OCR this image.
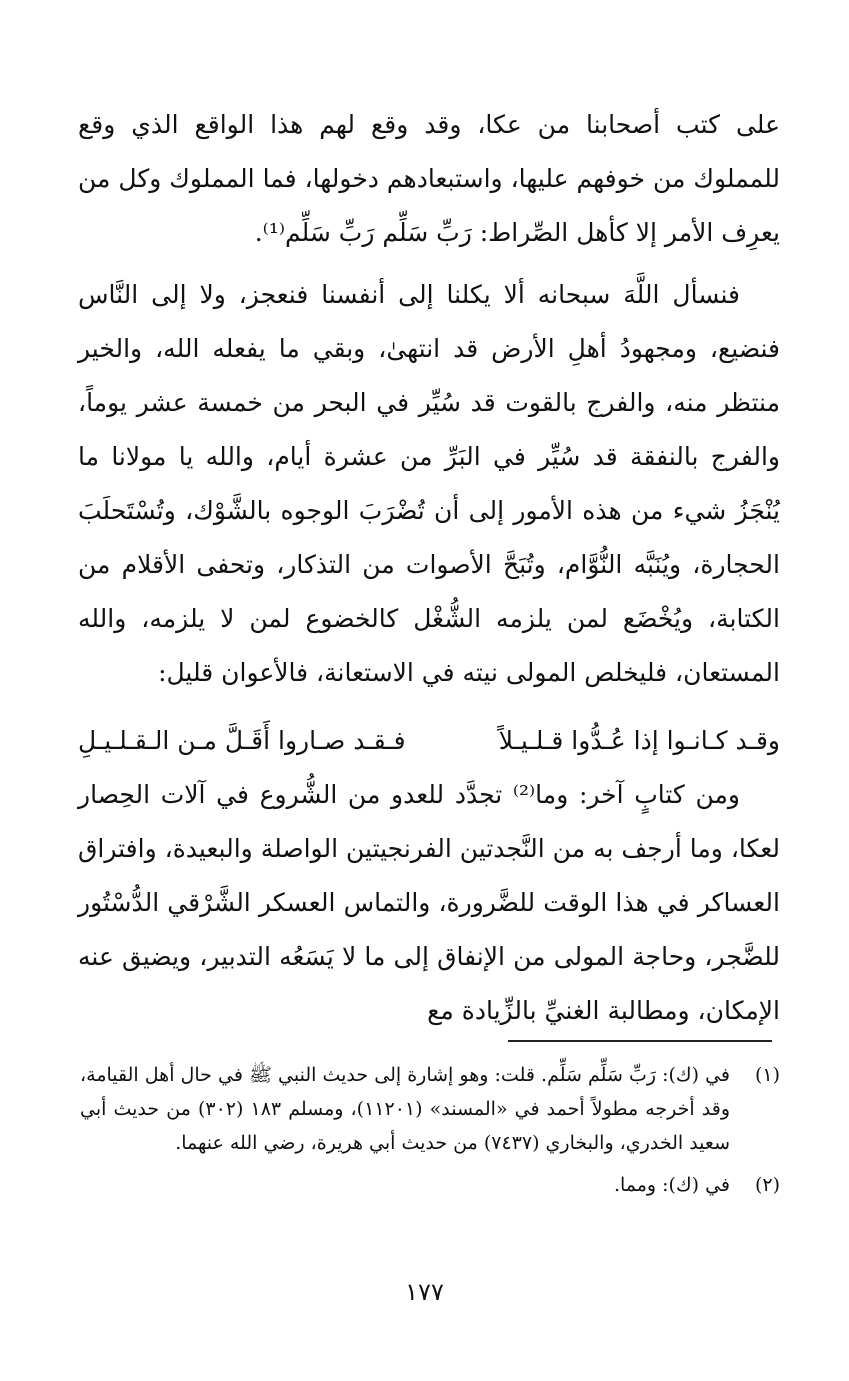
على كتب أصحابنا من عكا، وقد وقع لهم هذا الواقع الذي وقع للمملوك من خوفهم عليها، واستبعادهم دخولها، فما المملوك وكل من يعرِف الأمر إلا كأهل الصِّراط: رَبِّ سَلِّم رَبِّ سَلِّم⁽¹⁾.

فنسأل اللَّهَ سبحانه ألا يكلنا إلى أنفسنا فنعجز، ولا إلى النَّاس فنضيع، ومجهودُ أهلِ الأرض قد انتهىٰ، وبقي ما يفعله الله، والخير منتظر منه، والفرج بالقوت قد سُيِّر في البحر من خمسة عشر يوماً، والفرج بالنفقة قد سُيِّر في البَرِّ من عشرة أيام، والله يا مولانا ما يُنْجَزُ شيء من هذه الأمور إلى أن تُضْرَبَ الوجوه بالشَّوْك، وتُسْتَحلَبَ الحجارة، ويُنَبَّه النُّوَّام، وتُبَحَّ الأصوات من التذكار، وتحفى الأقلام من الكتابة، ويُخْضَع لمن يلزمه الشُّغْل كالخضوع لمن لا يلزمه، والله المستعان، فليخلص المولى نيته في الاستعانة، فالأعوان قليل:

وقـد كـانـوا إذا عُـدُّوا قـلـيـلاً
فـقـد صـاروا أَقَـلَّ مـن الـقـلـيـلِ

ومن كتابٍ آخر: وما⁽²⁾ تجدَّد للعدو من الشُّروع في آلات الحِصار لعكا، وما أرجف به من النَّجدتين الفرنجيتين الواصلة والبعيدة، وافتراق العساكر في هذا الوقت للضَّرورة، والتماس العسكر الشَّرْقي الدُّسْتُور للضَّجر، وحاجة المولى من الإنفاق إلى ما لا يَسَعُه التدبير، ويضيق عنه الإمكان، ومطالبة الغنيِّ بالزِّيادة مع

(١)
في (ك): رَبِّ سَلِّم سَلِّم. قلت: وهو إشارة إلى حديث النبي ﷺ في حال أهل القيامة، وقد أخرجه مطولاً أحمد في «المسند» (١١٢٠١)، ومسلم ١٨٣ (٣٠٢) من حديث أبي سعيد الخدري، والبخاري (٧٤٣٧) من حديث أبي هريرة، رضي الله عنهما.

(٢)
في (ك): ومما.

١٧٧
